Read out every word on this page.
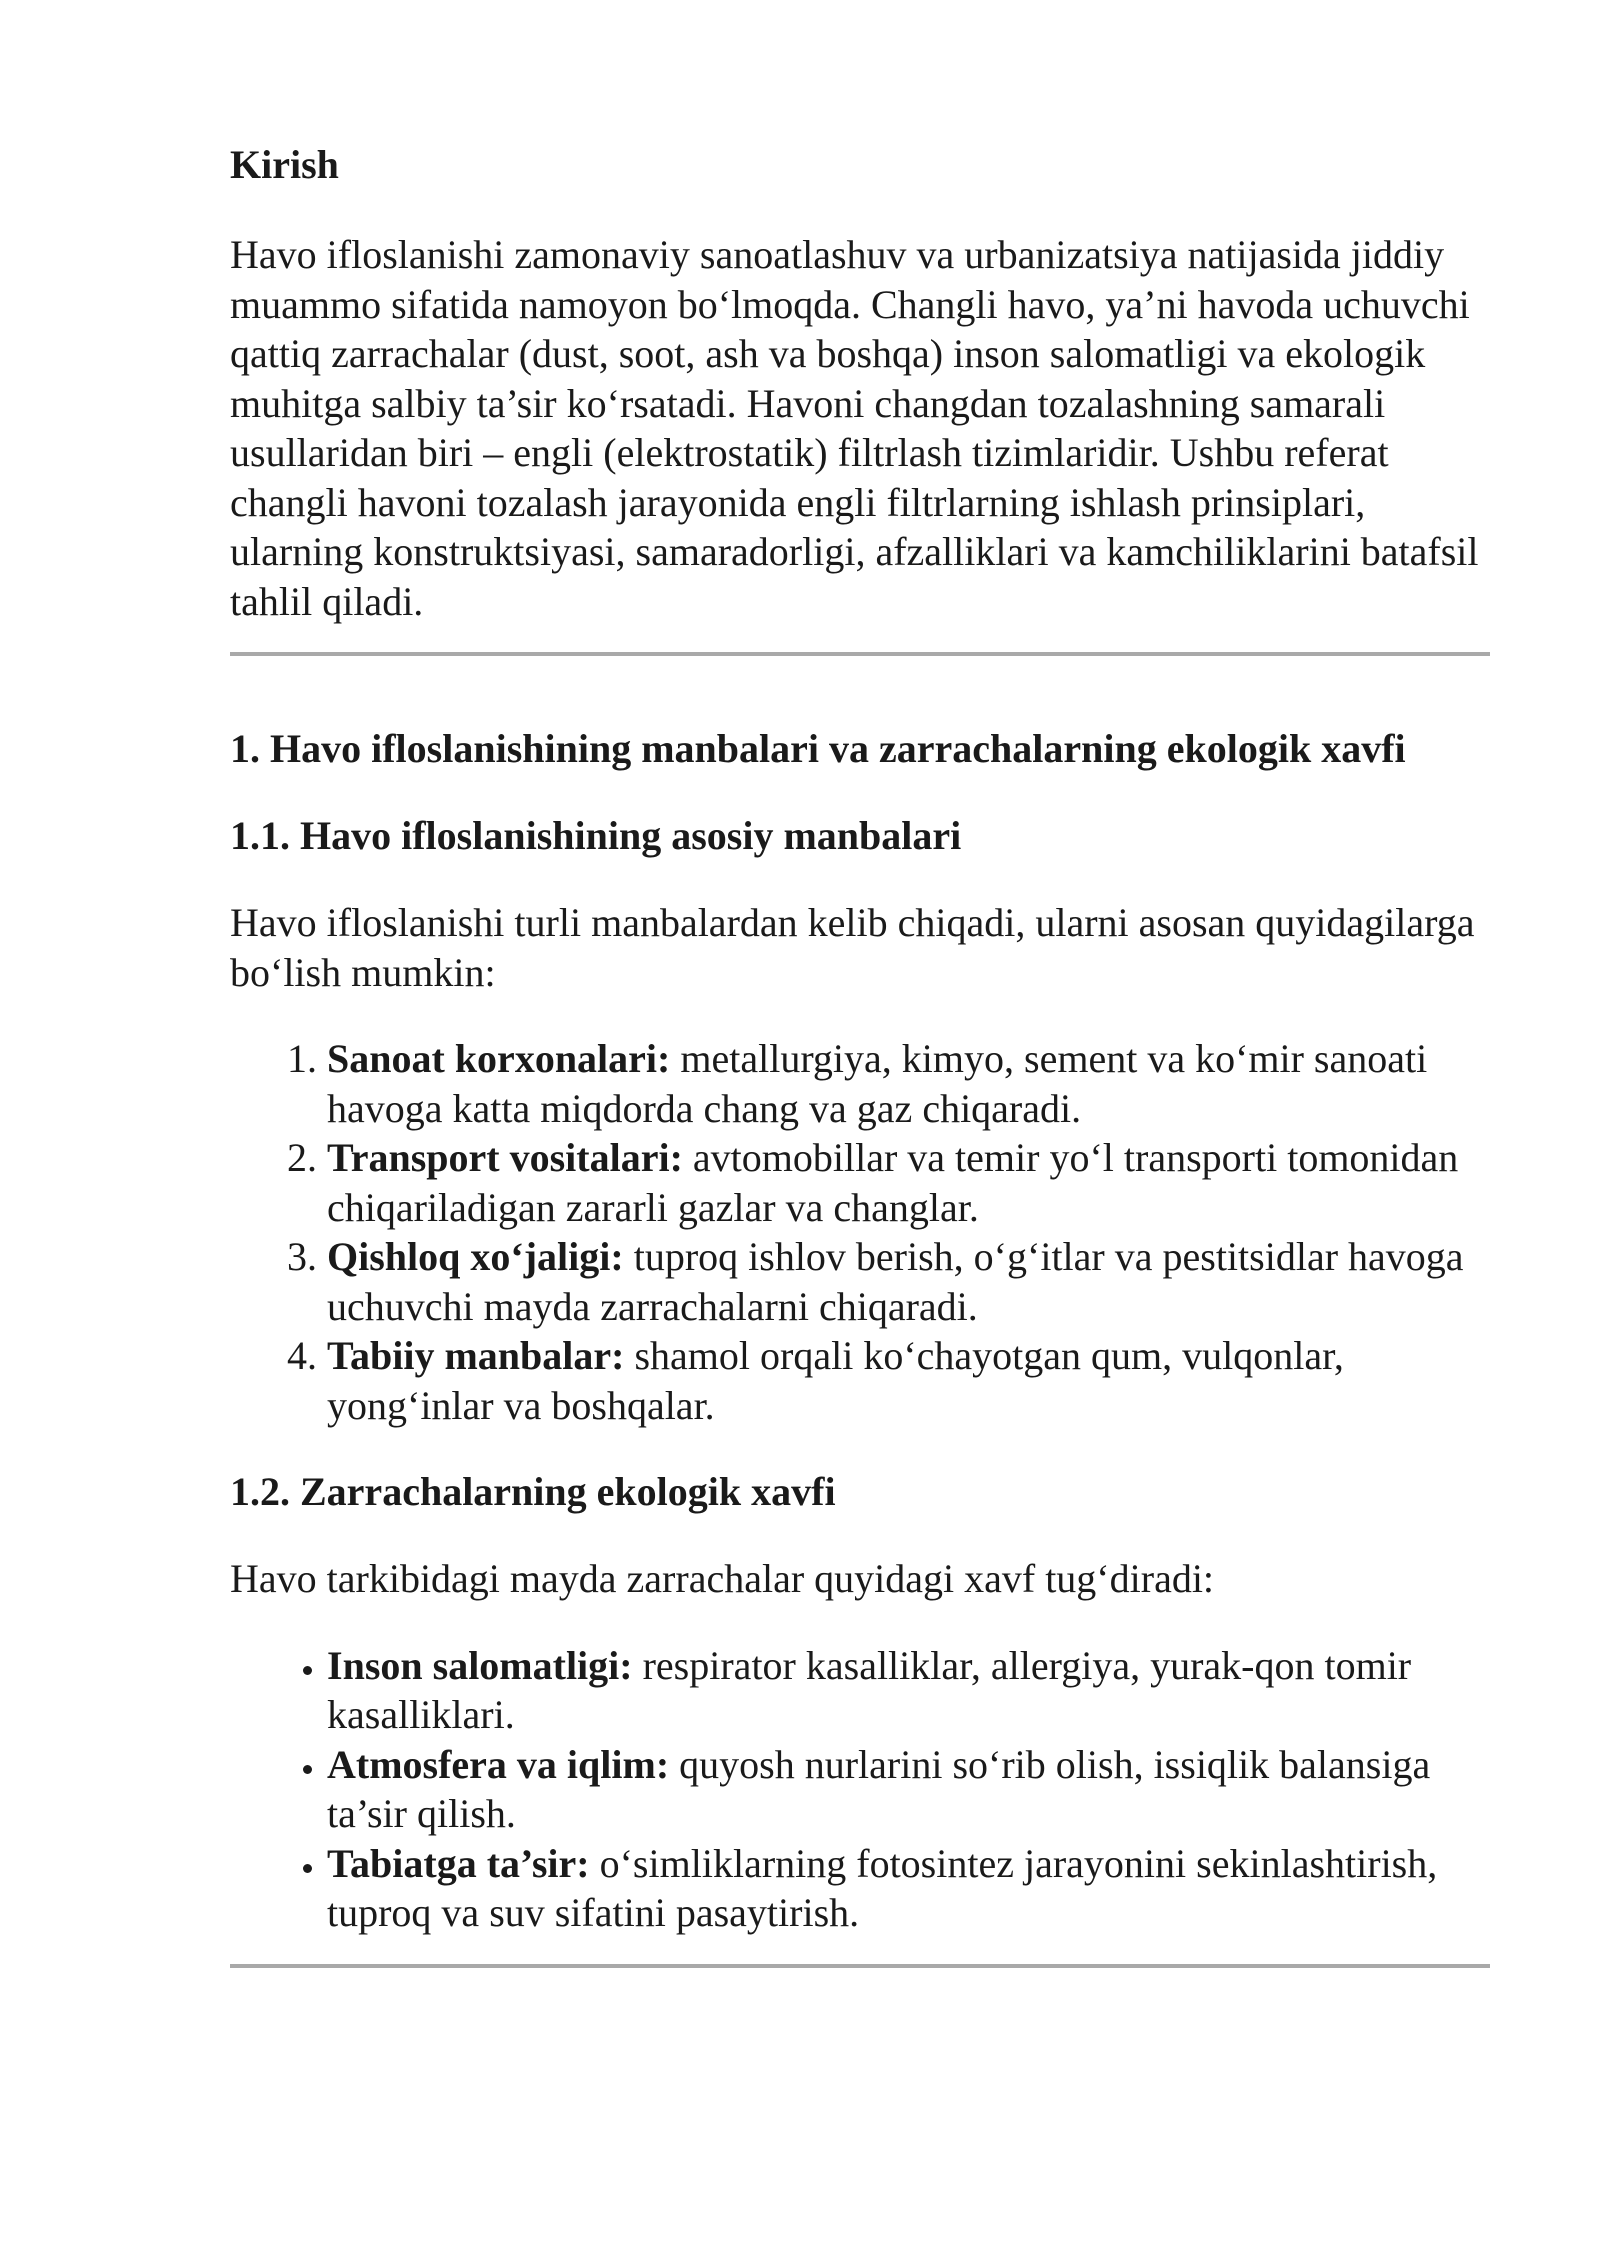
Kirish

Havo ifloslanishi zamonaviy sanoatlashuv va urbanizatsiya natijasida jiddiy muammo sifatida namoyon bo‘lmoqda. Changli havo, ya’ni havoda uchuvchi qattiq zarrachalar (dust, soot, ash va boshqa) inson salomatligi va ekologik muhitga salbiy ta’sir ko‘rsatadi. Havoni changdan tozalashning samarali usullaridan biri – engli (elektrostatik) filtrlash tizimlaridir. Ushbu referat changli havoni tozalash jarayonida engli filtrlarning ishlash prinsiplari, ularning konstruktsiyasi, samaradorligi, afzalliklari va kamchiliklarini batafsil tahlil qiladi.

1. Havo ifloslanishining manbalari va zarrachalarning ekologik xavfi
1.1. Havo ifloslanishining asosiy manbalari

Havo ifloslanishi turli manbalardan kelib chiqadi, ularni asosan quyidagilarga bo‘lish mumkin:

1. Sanoat korxonalari: metallurgiya, kimyo, sement va ko‘mir sanoati havoga katta miqdorda chang va gaz chiqaradi.
2. Transport vositalari: avtomobillar va temir yo‘l transporti tomonidan chiqariladigan zararli gazlar va changlar.
3. Qishloq xo‘jaligi: tuproq ishlov berish, o‘g‘itlar va pestitsidlar havoga uchuvchi mayda zarrachalarni chiqaradi.
4. Tabiiy manbalar: shamol orqali ko‘chayotgan qum, vulqonlar, yong‘inlar va boshqalar.
1.2. Zarrachalarning ekologik xavfi

Havo tarkibidagi mayda zarrachalar quyidagi xavf tug‘diradi:

• Inson salomatligi: respirator kasalliklar, allergiya, yurak-qon tomir kasalliklari.
• Atmosfera va iqlim: quyosh nurlarini so‘rib olish, issiqlik balansiga ta’sir qilish.
• Tabiatga ta’sir: o‘simliklarning fotosintez jarayonini sekinlashtirish, tuproq va suv sifatini pasaytirish.
